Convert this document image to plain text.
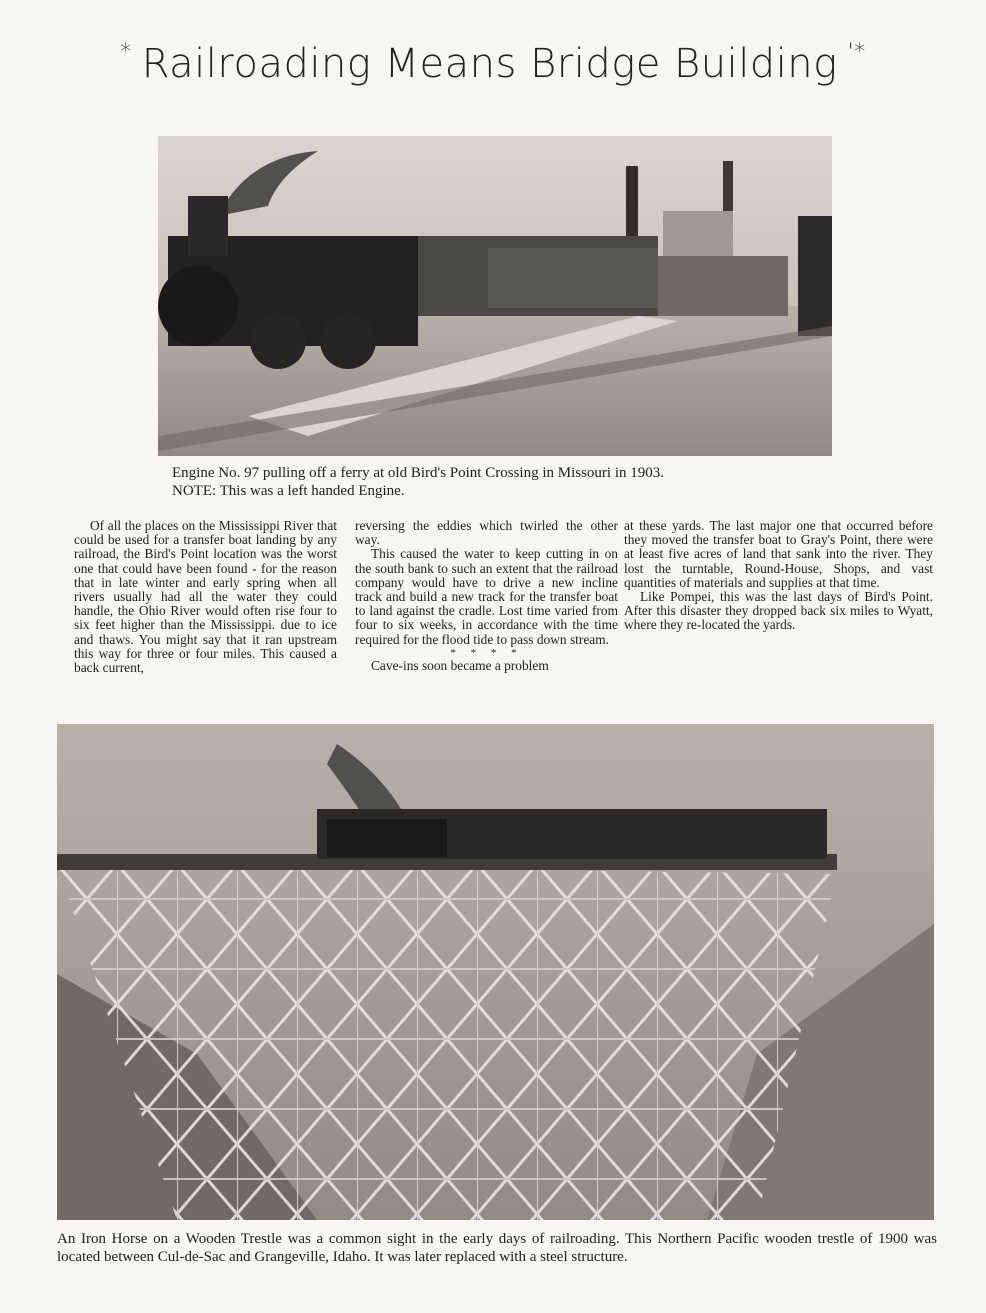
* Railroading Means Bridge Building '*
Engine No. 97 pulling off a ferry at old Bird's Point Crossing in Missouri in 1903.
NOTE: This was a left handed Engine.

Of all the places on the Mississippi River that could be used for a transfer boat landing by any railroad, the Bird's Point location was the worst one that could have been found - for the reason that in late winter and early spring when all rivers usually had all the water they could handle, the Ohio River would often rise four to six feet higher than the Mississippi. due to ice and thaws. You might say that it ran upstream this way for three or four miles. This caused a back current,

reversing the eddies which twirled the other way.

This caused the water to keep cutting in on the south bank to such an extent that the railroad company would have to drive a new incline track and build a new track for the transfer boat to land against the cradle. Lost time varied from four to six weeks, in accordance with the time required for the flood tide to pass down stream.

* * * *

Cave-ins soon became a problem

at these yards. The last major one that occurred before they moved the transfer boat to Gray's Point, there were at least five acres of land that sank into the river. They lost the turntable, Round-House, Shops, and vast quantities of materials and supplies at that time.

Like Pompei, this was the last days of Bird's Point. After this disaster they dropped back six miles to Wyatt, where they re-located the yards.

An Iron Horse on a Wooden Trestle was a common sight in the early days of railroading. This Northern Pacific wooden trestle of 1900 was located between Cul-de-Sac and Grangeville, Idaho. It was later replaced with a steel structure.
